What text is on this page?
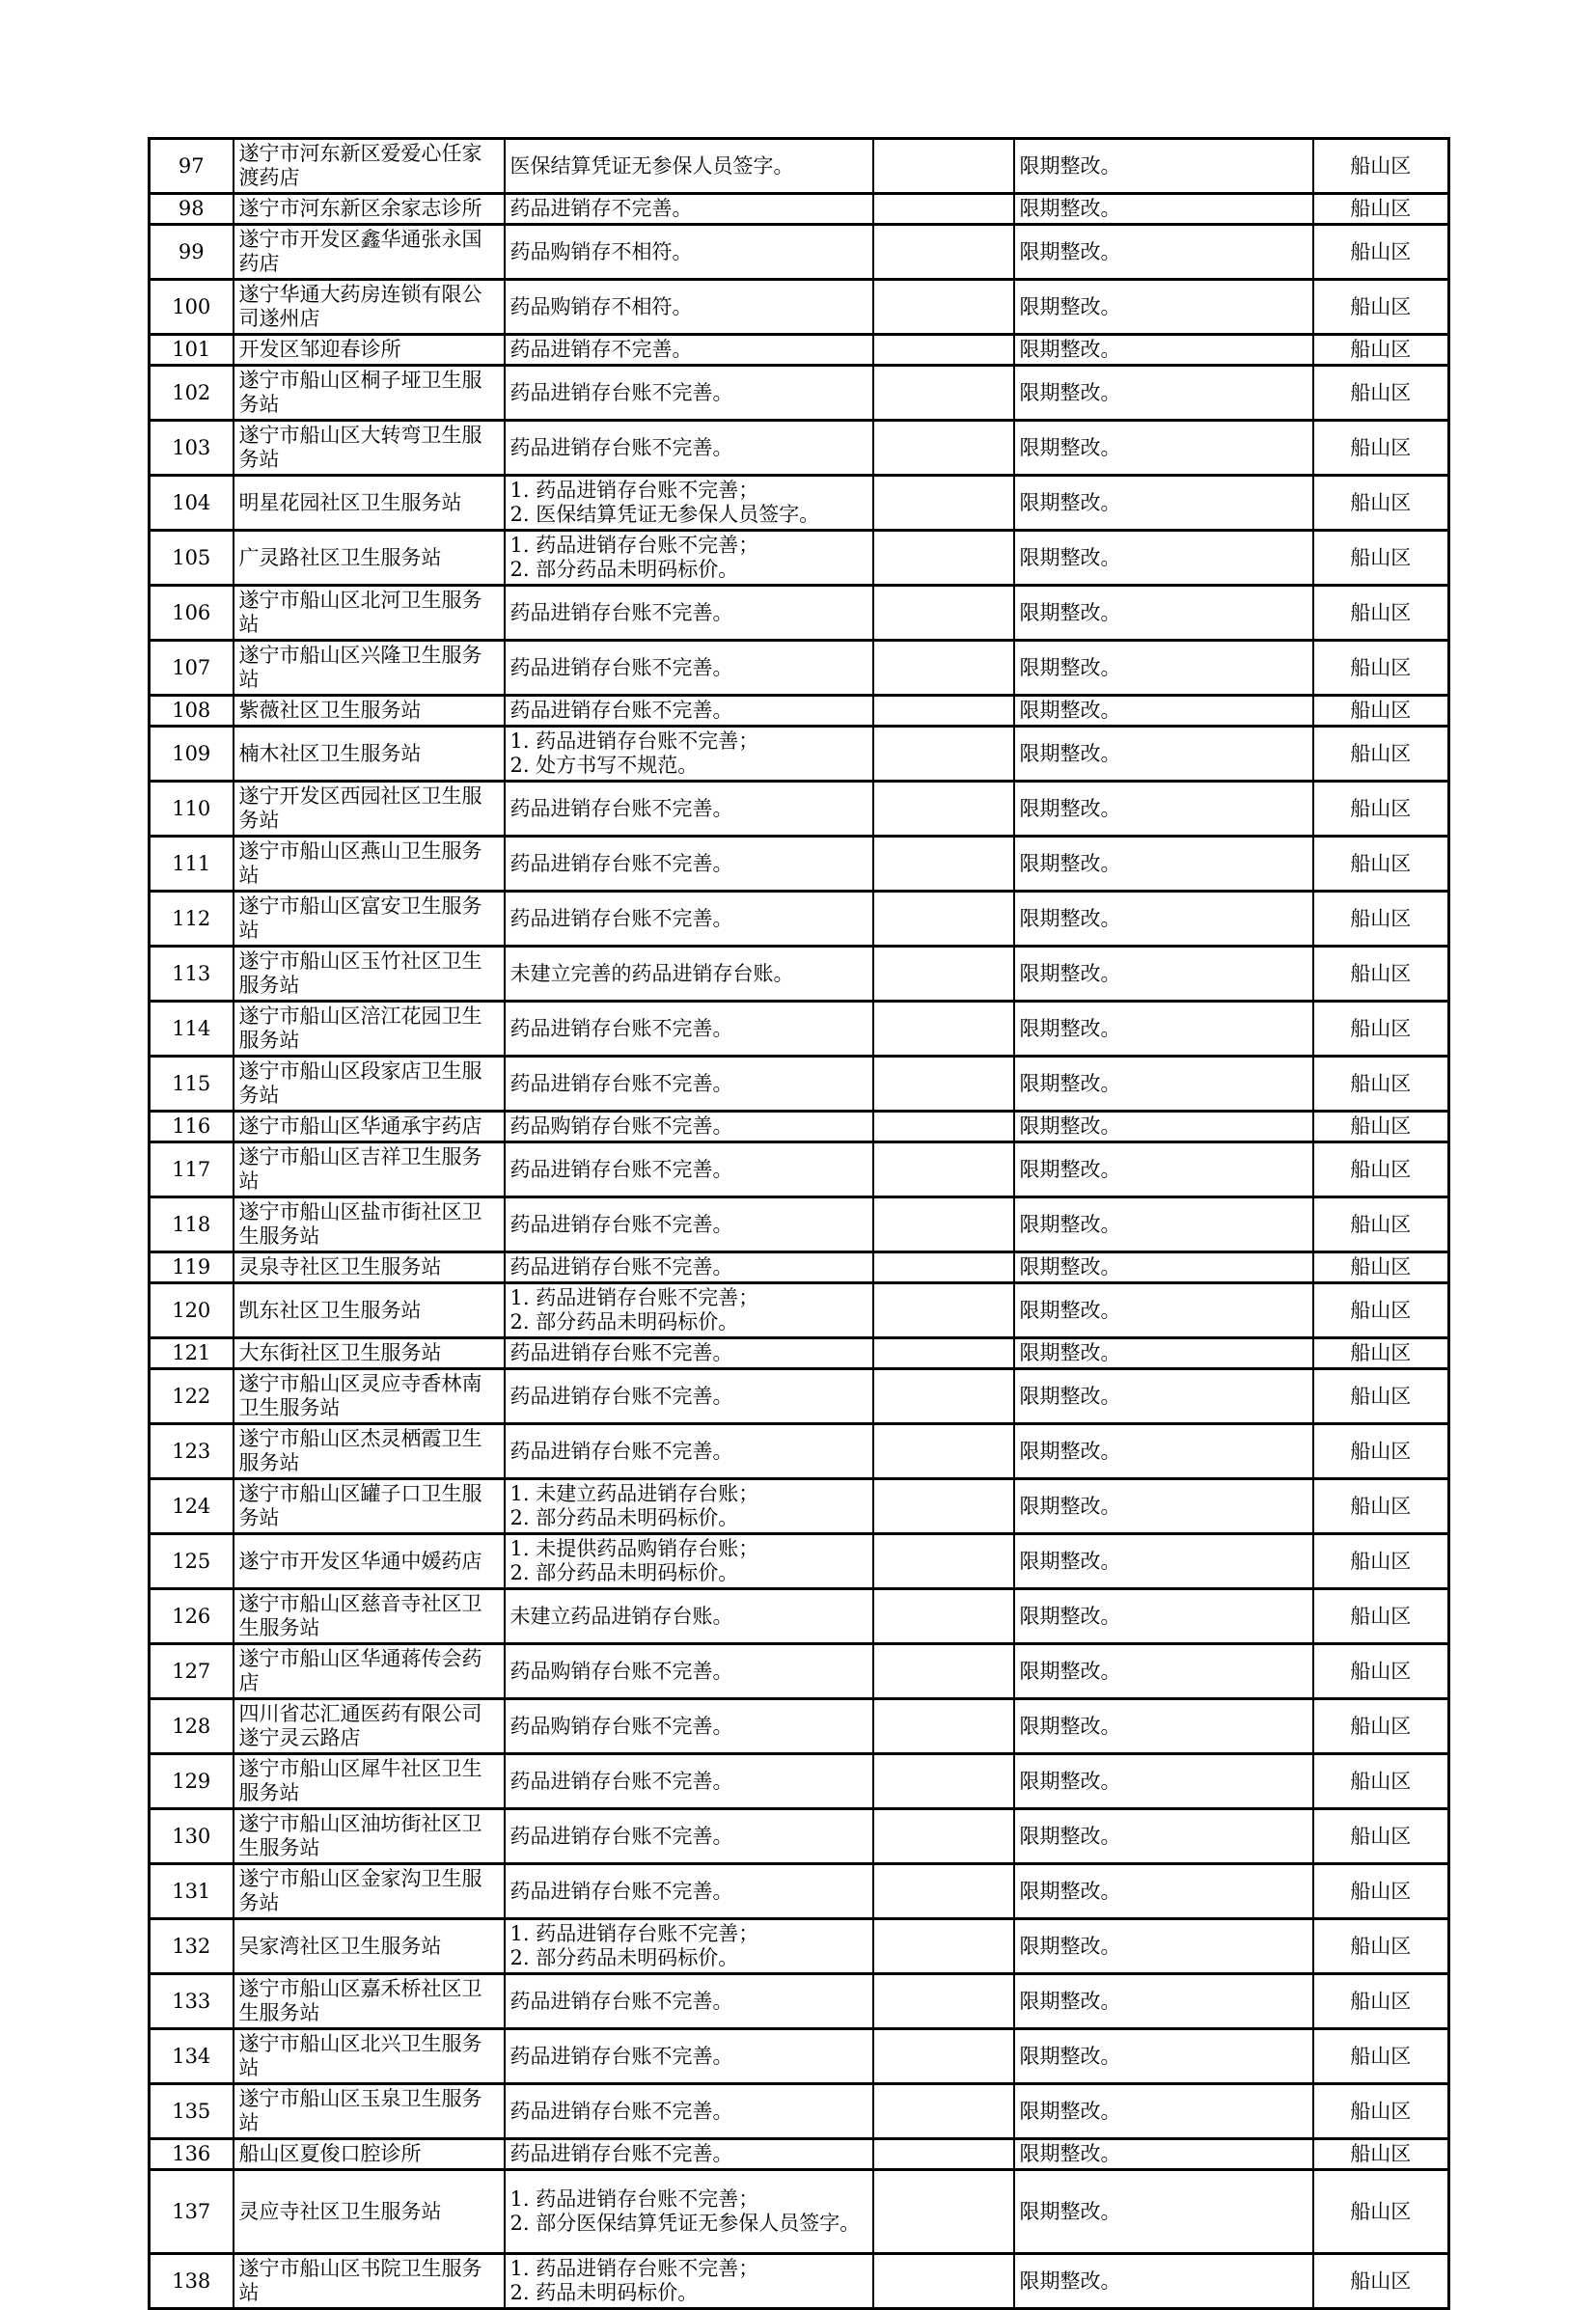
97	遂宁市河东新区爱爱心任家渡药店	医保结算凭证无参保人员签字。		限期整改。	船山区
98	遂宁市河东新区余家志诊所	药品进销存不完善。		限期整改。	船山区
99	遂宁市开发区鑫华通张永国药店	药品购销存不相符。		限期整改。	船山区
100	遂宁华通大药房连锁有限公司遂州店	药品购销存不相符。		限期整改。	船山区
101	开发区邹迎春诊所	药品进销存不完善。		限期整改。	船山区
102	遂宁市船山区桐子垭卫生服务站	药品进销存台账不完善。		限期整改。	船山区
103	遂宁市船山区大转弯卫生服务站	药品进销存台账不完善。		限期整改。	船山区
104	明星花园社区卫生服务站	1. 药品进销存台账不完善；
2. 医保结算凭证无参保人员签字。		限期整改。	船山区
105	广灵路社区卫生服务站	1. 药品进销存台账不完善；
2. 部分药品未明码标价。		限期整改。	船山区
106	遂宁市船山区北河卫生服务站	药品进销存台账不完善。		限期整改。	船山区
107	遂宁市船山区兴隆卫生服务站	药品进销存台账不完善。		限期整改。	船山区
108	紫薇社区卫生服务站	药品进销存台账不完善。		限期整改。	船山区
109	楠木社区卫生服务站	1. 药品进销存台账不完善；
2. 处方书写不规范。		限期整改。	船山区
110	遂宁开发区西园社区卫生服务站	药品进销存台账不完善。		限期整改。	船山区
111	遂宁市船山区燕山卫生服务站	药品进销存台账不完善。		限期整改。	船山区
112	遂宁市船山区富安卫生服务站	药品进销存台账不完善。		限期整改。	船山区
113	遂宁市船山区玉竹社区卫生服务站	未建立完善的药品进销存台账。		限期整改。	船山区
114	遂宁市船山区涪江花园卫生服务站	药品进销存台账不完善。		限期整改。	船山区
115	遂宁市船山区段家店卫生服务站	药品进销存台账不完善。		限期整改。	船山区
116	遂宁市船山区华通承宇药店	药品购销存台账不完善。		限期整改。	船山区
117	遂宁市船山区吉祥卫生服务站	药品进销存台账不完善。		限期整改。	船山区
118	遂宁市船山区盐市街社区卫生服务站	药品进销存台账不完善。		限期整改。	船山区
119	灵泉寺社区卫生服务站	药品进销存台账不完善。		限期整改。	船山区
120	凯东社区卫生服务站	1. 药品进销存台账不完善；
2. 部分药品未明码标价。		限期整改。	船山区
121	大东街社区卫生服务站	药品进销存台账不完善。		限期整改。	船山区
122	遂宁市船山区灵应寺香林南卫生服务站	药品进销存台账不完善。		限期整改。	船山区
123	遂宁市船山区杰灵栖霞卫生服务站	药品进销存台账不完善。		限期整改。	船山区
124	遂宁市船山区罐子口卫生服务站	1. 未建立药品进销存台账；
2. 部分药品未明码标价。		限期整改。	船山区
125	遂宁市开发区华通中媛药店	1. 未提供药品购销存台账；
2. 部分药品未明码标价。		限期整改。	船山区
126	遂宁市船山区慈音寺社区卫生服务站	未建立药品进销存台账。		限期整改。	船山区
127	遂宁市船山区华通蒋传会药店	药品购销存台账不完善。		限期整改。	船山区
128	四川省芯汇通医药有限公司遂宁灵云路店	药品购销存台账不完善。		限期整改。	船山区
129	遂宁市船山区犀牛社区卫生服务站	药品进销存台账不完善。		限期整改。	船山区
130	遂宁市船山区油坊街社区卫生服务站	药品进销存台账不完善。		限期整改。	船山区
131	遂宁市船山区金家沟卫生服务站	药品进销存台账不完善。		限期整改。	船山区
132	吴家湾社区卫生服务站	1. 药品进销存台账不完善；
2. 部分药品未明码标价。		限期整改。	船山区
133	遂宁市船山区嘉禾桥社区卫生服务站	药品进销存台账不完善。		限期整改。	船山区
134	遂宁市船山区北兴卫生服务站	药品进销存台账不完善。		限期整改。	船山区
135	遂宁市船山区玉泉卫生服务站	药品进销存台账不完善。		限期整改。	船山区
136	船山区夏俊口腔诊所	药品进销存台账不完善。		限期整改。	船山区
137	灵应寺社区卫生服务站	1. 药品进销存台账不完善；
2. 部分医保结算凭证无参保人员签字。		限期整改。	船山区
138	遂宁市船山区书院卫生服务站	1. 药品进销存台账不完善；
2. 药品未明码标价。		限期整改。	船山区
